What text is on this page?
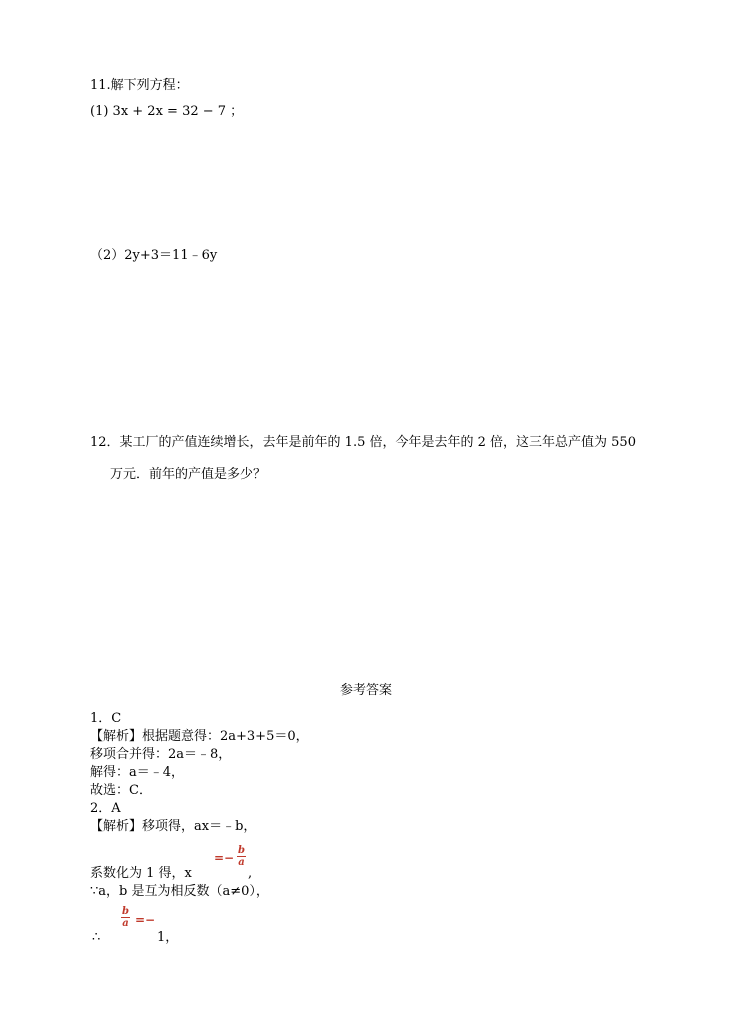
11.解下列方程：
(1) 3x + 2x = 32 − 7 ；
（2）2y+3＝11﹣6y
12．某工厂的产值连续增长，去年是前年的 1.5 倍，今年是去年的 2 倍，这三年总产值为 550
万元．前年的产值是多少？
参考答案
1．C
【解析】根据题意得：2a+3+5＝0，
移项合并得：2a＝﹣8，
解得：a＝﹣4，
故选：C．
2．A
【解析】移项得，ax＝﹣b，
系数化为 1 得，x
=−
b
a
,
∵a，b 是互为相反数（a≠0），
b
a =−
∴	1，
